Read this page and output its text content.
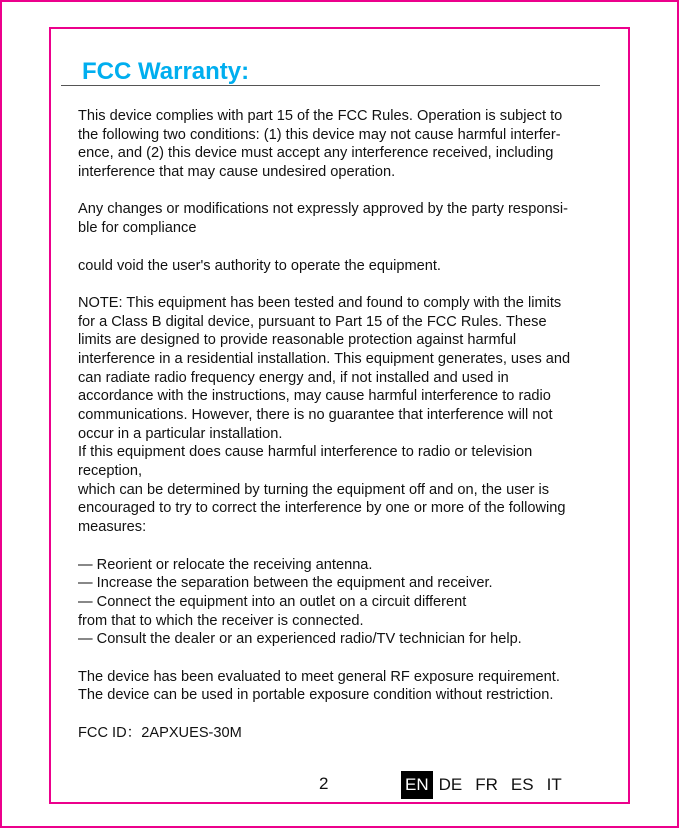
FCC Warranty:
This device complies with part 15 of the FCC Rules. Operation is subject to
the following two conditions: (1) this device may not cause harmful interfer-
ence, and (2) this device must accept any interference received, including
interference that may cause undesired operation.
Any changes or modifications not expressly approved by the party responsi-
ble for compliance
could void the user's authority to operate the equipment.
NOTE: This equipment has been tested and found to comply with the limits
for a Class B digital device, pursuant to Part 15 of the FCC Rules. These
limits are designed to provide reasonable protection against harmful
interference in a residential installation. This equipment generates, uses and
can radiate radio frequency energy and, if not installed and used in
accordance with the instructions, may cause harmful interference to radio
communications. However, there is no guarantee that interference will not
occur in a particular installation.
If this equipment does cause harmful interference to radio or television
reception,
which can be determined by turning the equipment off and on, the user is
encouraged to try to correct the interference by one or more of the following
measures:
— Reorient or relocate the receiving antenna.
— Increase the separation between the equipment and receiver.
— Connect the equipment into an outlet on a circuit different
from that to which the receiver is connected.
— Consult the dealer or an experienced radio/TV technician for help.
The device has been evaluated to meet general RF exposure requirement.
The device can be used in portable exposure condition without restriction.
FCC ID：2APXUES-30M
2	EN DE FR ES IT
